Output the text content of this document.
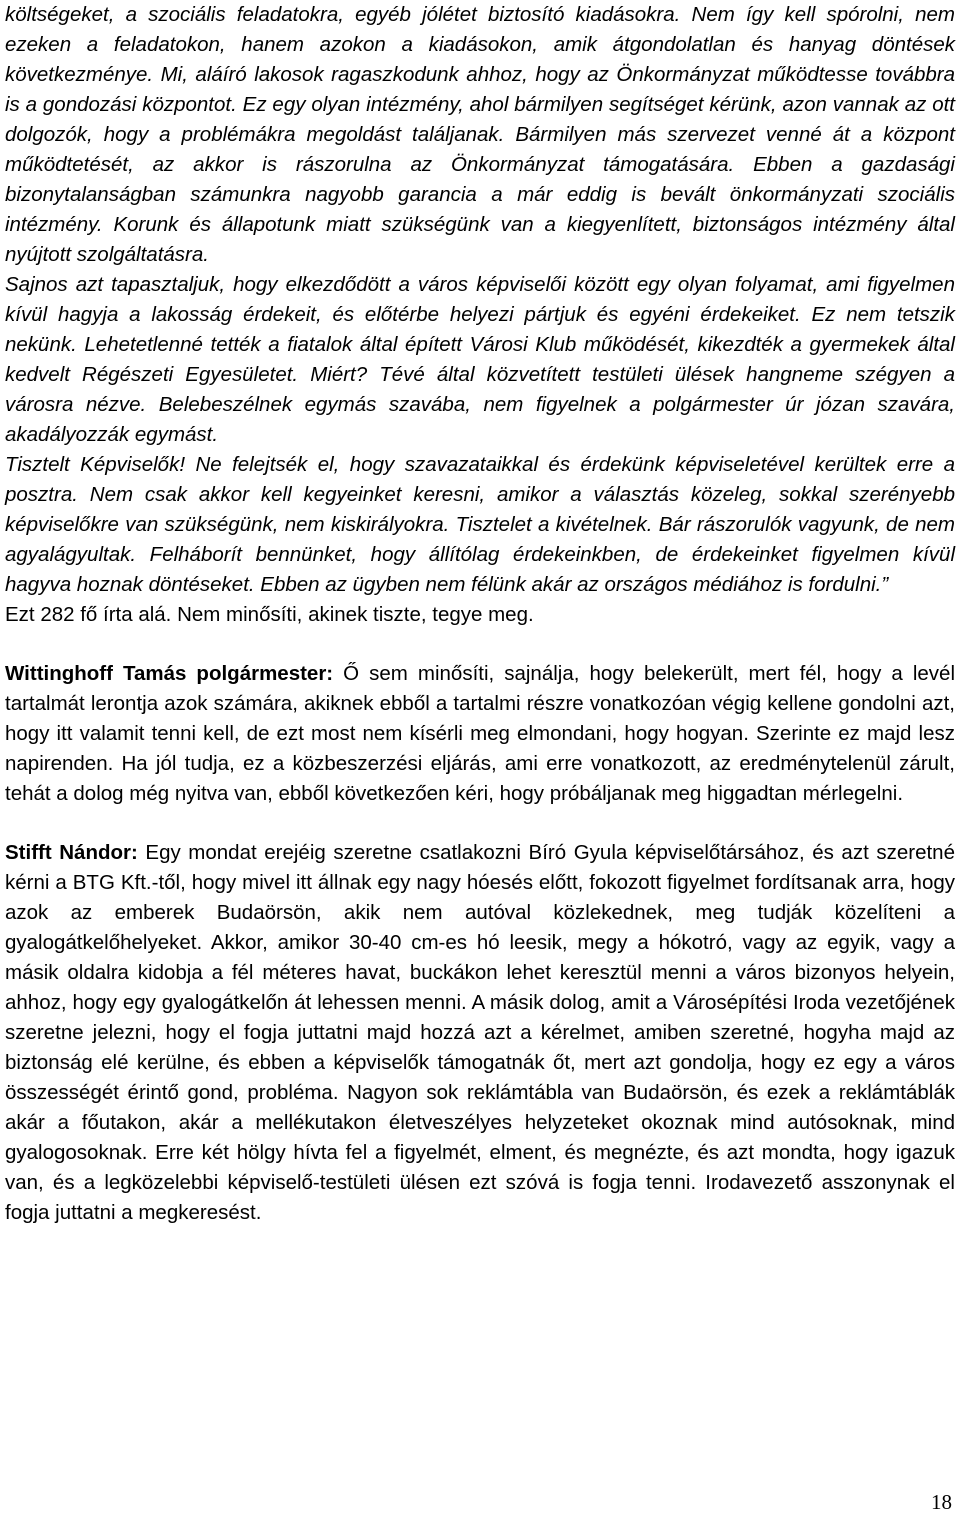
költségeket, a szociális feladatokra, egyéb jólétet biztosító kiadásokra. Nem így kell spórolni, nem ezeken a feladatokon, hanem azokon a kiadásokon, amik átgondolatlan és hanyag döntések következménye. Mi, aláíró lakosok ragaszkodunk ahhoz, hogy az Önkormányzat működtesse továbbra is a gondozási központot. Ez egy olyan intézmény, ahol bármilyen segítséget kérünk, azon vannak az ott dolgozók, hogy a problémákra megoldást találjanak. Bármilyen más szervezet venné át a központ működtetését, az akkor is rászorulna az Önkormányzat támogatására. Ebben a gazdasági bizonytalanságban számunkra nagyobb garancia a már eddig is bevált önkormányzati szociális intézmény. Korunk és állapotunk miatt szükségünk van a kiegyenlített, biztonságos intézmény által nyújtott szolgáltatásra.

Sajnos azt tapasztaljuk, hogy elkezdődött a város képviselői között egy olyan folyamat, ami figyelmen kívül hagyja a lakosság érdekeit, és előtérbe helyezi pártjuk és egyéni érdekeiket. Ez nem tetszik nekünk. Lehetetlenné tették a fiatalok által épített Városi Klub működését, kikezdték a gyermekek által kedvelt Régészeti Egyesületet. Miért? Tévé által közvetített testületi ülések hangneme szégyen a városra nézve. Belebeszélnek egymás szavába, nem figyelnek a polgármester úr józan szavára, akadályozzák egymást.

Tisztelt Képviselők! Ne felejtsék el, hogy szavazataikkal és érdekünk képviseletével kerültek erre a posztra. Nem csak akkor kell kegyeinket keresni, amikor a választás közeleg, sokkal szerényebb képviselőkre van szükségünk, nem kiskirályokra. Tisztelet a kivételnek. Bár rászorulók vagyunk, de nem agyalágyultak. Felháborít bennünket, hogy állítólag érdekeinkben, de érdekeinket figyelmen kívül hagyva hoznak döntéseket. Ebben az ügyben nem félünk akár az országos médiához is fordulni.”

Ezt 282 fő írta alá. Nem minősíti, akinek tiszte, tegye meg.

Wittinghoff Tamás polgármester: Ő sem minősíti, sajnálja, hogy belekerült, mert fél, hogy a levél tartalmát lerontja azok számára, akiknek ebből a tartalmi részre vonatkozóan végig kellene gondolni azt, hogy itt valamit tenni kell, de ezt most nem kísérli meg elmondani, hogy hogyan. Szerinte ez majd lesz napirenden. Ha jól tudja, ez a közbeszerzési eljárás, ami erre vonatkozott, az eredménytelenül zárult, tehát a dolog még nyitva van, ebből következően kéri, hogy próbáljanak meg higgadtan mérlegelni.

Stifft Nándor: Egy mondat erejéig szeretne csatlakozni Bíró Gyula képviselőtársához, és azt szeretné kérni a BTG Kft.-től, hogy mivel itt állnak egy nagy hóesés előtt, fokozott figyelmet fordítsanak arra, hogy azok az emberek Budaörsön, akik nem autóval közlekednek, meg tudják közelíteni a gyalogátkelőhelyeket. Akkor, amikor 30-40 cm-es hó leesik, megy a hókotró, vagy az egyik, vagy a másik oldalra kidobja a fél méteres havat, buckákon lehet keresztül menni a város bizonyos helyein, ahhoz, hogy egy gyalogátkelőn át lehessen menni. A másik dolog, amit a Városépítési Iroda vezetőjének szeretne jelezni, hogy el fogja juttatni majd hozzá azt a kérelmet, amiben szeretné, hogyha majd az biztonság elé kerülne, és ebben a képviselők támogatnák őt, mert azt gondolja, hogy ez egy a város összességét érintő gond, probléma. Nagyon sok reklámtábla van Budaörsön, és ezek a reklámtáblák akár a főutakon, akár a mellékutakon életveszélyes helyzeteket okoznak mind autósoknak, mind gyalogosoknak. Erre két hölgy hívta fel a figyelmét, elment, és megnézte, és azt mondta, hogy igazuk van, és a legközelebbi képviselő-testületi ülésen ezt szóvá is fogja tenni. Irodavezető asszonynak el fogja juttatni a megkeresést.

18
